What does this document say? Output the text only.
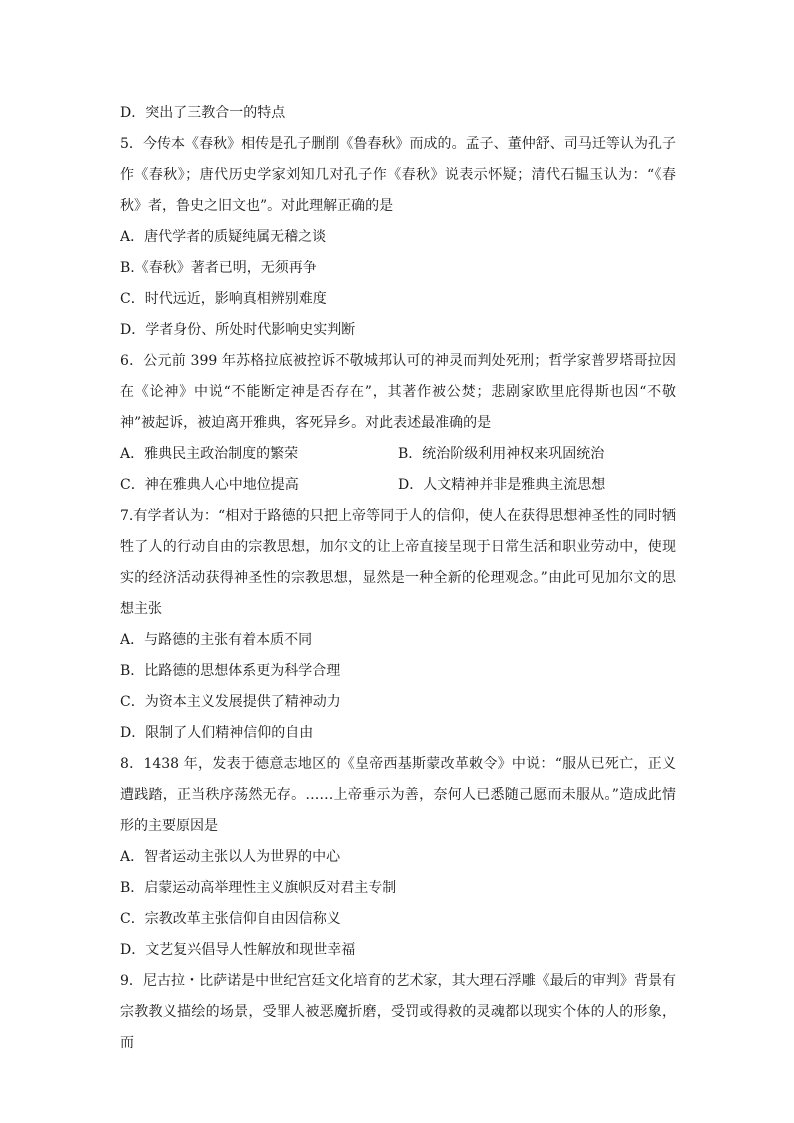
D．突出了三教合一的特点
5．今传本《春秋》相传是孔子删削《鲁春秋》而成的。孟子、董仲舒、司马迁等认为孔子作《春秋》；唐代历史学家刘知几对孔子作《春秋》说表示怀疑；清代石韫玉认为：“《春秋》者，鲁史之旧文也”。对此理解正确的是
A．唐代学者的质疑纯属无稽之谈
B.《春秋》著者已明，无须再争
C．时代远近，影响真相辨别难度
D．学者身份、所处时代影响史实判断
6．公元前 399 年苏格拉底被控诉不敬城邦认可的神灵而判处死刑；哲学家普罗塔哥拉因在《论神》中说“不能断定神是否存在”，其著作被公焚；悲剧家欧里庇得斯也因“不敬神”被起诉，被迫离开雅典，客死异乡。对此表述最准确的是
A．雅典民主政治制度的繁荣	B．统治阶级利用神权来巩固统治
C．神在雅典人心中地位提高	D．人文精神并非是雅典主流思想
7.有学者认为：“相对于路德的只把上帝等同于人的信仰，使人在获得思想神圣性的同时牺牲了人的行动自由的宗教思想，加尔文的让上帝直接呈现于日常生活和职业劳动中，使现实的经济活动获得神圣性的宗教思想，显然是一种全新的伦理观念。”由此可见加尔文的思想主张
A．与路德的主张有着本质不同
B．比路德的思想体系更为科学合理
C．为资本主义发展提供了精神动力
D．限制了人们精神信仰的自由
8．1438 年，发表于德意志地区的《皇帝西基斯蒙改革敕令》中说：“服从已死亡，正义遭践踏，正当秩序荡然无存。……上帝垂示为善，奈何人已悉随己愿而未服从。”造成此情形的主要原因是
A．智者运动主张以人为世界的中心
B．启蒙运动高举理性主义旗帜反对君主专制
C．宗教改革主张信仰自由因信称义
D．文艺复兴倡导人性解放和现世幸福
9．尼古拉・比萨诺是中世纪宫廷文化培育的艺术家，其大理石浮雕《最后的审判》背景有宗教教义描绘的场景，受罪人被恶魔折磨，受罚或得救的灵魂都以现实个体的人的形象，而
